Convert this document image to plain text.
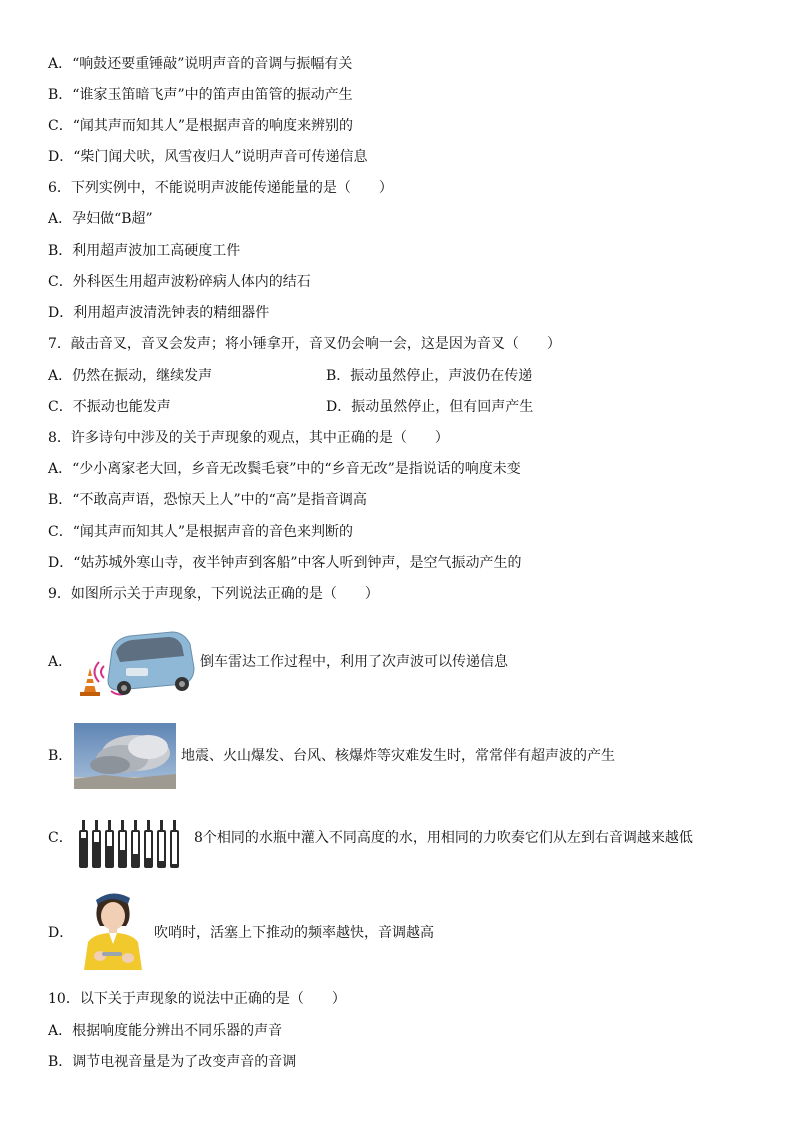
A．“响鼓还要重锤敲”说明声音的音调与振幅有关
B．“谁家玉笛暗飞声”中的笛声由笛管的振动产生
C．“闻其声而知其人”是根据声音的响度来辨别的
D．“柴门闻犬吠，风雪夜归人”说明声音可传递信息
6．下列实例中，不能说明声波能传递能量的是（　　）
A．孕妇做“B超”
B．利用超声波加工高硬度工件
C．外科医生用超声波粉碎病人体内的结石
D．利用超声波清洗钟表的精细器件
7．敲击音叉，音叉会发声；将小锤拿开，音叉仍会响一会，这是因为音叉（　　）
A．仍然在振动，继续发声	B．振动虽然停止，声波仍在传递
C．不振动也能发声	D．振动虽然停止，但有回声产生
8．许多诗句中涉及的关于声现象的观点，其中正确的是（　　）
A．“少小离家老大回，乡音无改鬓毛衰”中的“乡音无改”是指说话的响度未变
B．“不敢高声语，恐惊天上人”中的“高”是指音调高
C．“闻其声而知其人”是根据声音的音色来判断的
D．“姑苏城外寒山寺，夜半钟声到客船”中客人听到钟声，是空气振动产生的
9．如图所示关于声现象，下列说法正确的是（　　）
A．	倒车雷达工作过程中，利用了次声波可以传递信息
B．	地震、火山爆发、台风、核爆炸等灾难发生时，常常伴有超声波的产生
C．	8个相同的水瓶中灌入不同高度的水，用相同的力吹奏它们从左到右音调越来越低
D．	吹哨时，活塞上下推动的频率越快，音调越高
10．以下关于声现象的说法中正确的是（　　）
A．根据响度能分辨出不同乐器的声音
B．调节电视音量是为了改变声音的音调
